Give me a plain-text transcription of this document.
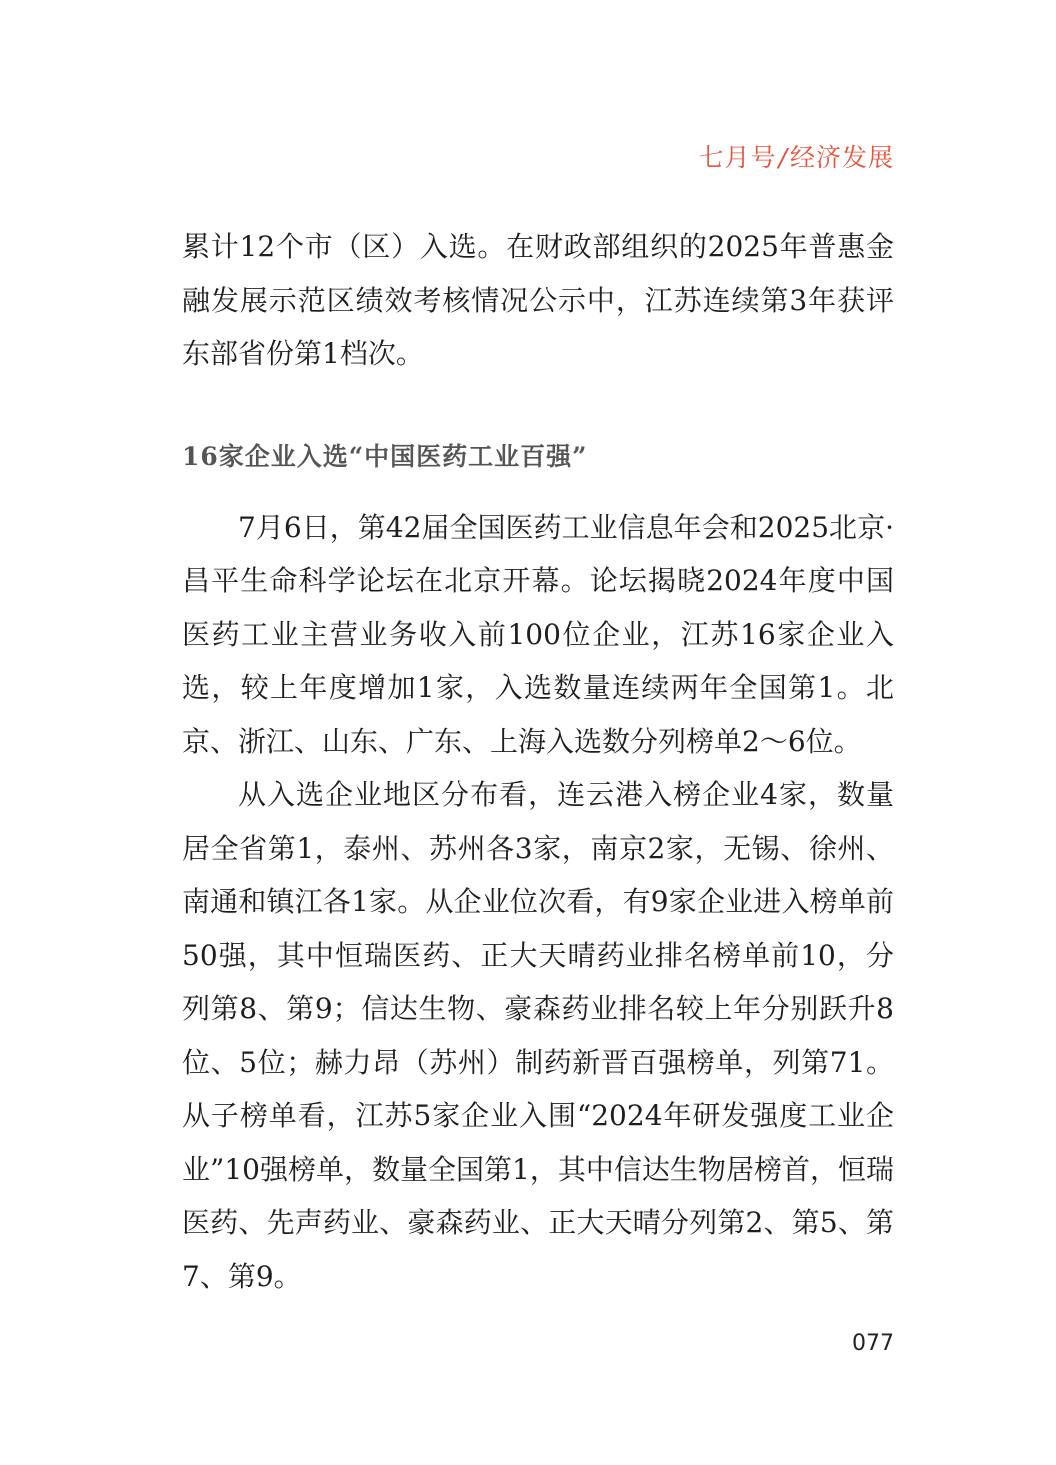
七月号/经济发展

累计12个市（区）入选。在财政部组织的2025年普惠金融发展示范区绩效考核情况公示中，江苏连续第3年获评东部省份第1档次。

16家企业入选“中国医药工业百强”

7月6日，第42届全国医药工业信息年会和2025北京·昌平生命科学论坛在北京开幕。论坛揭晓2024年度中国医药工业主营业务收入前100位企业，江苏16家企业入选，较上年度增加1家，入选数量连续两年全国第1。北京、浙江、山东、广东、上海入选数分列榜单2～6位。

从入选企业地区分布看，连云港入榜企业4家，数量居全省第1，泰州、苏州各3家，南京2家，无锡、徐州、南通和镇江各1家。从企业位次看，有9家企业进入榜单前50强，其中恒瑞医药、正大天晴药业排名榜单前10，分列第8、第9；信达生物、豪森药业排名较上年分别跃升8位、5位；赫力昂（苏州）制药新晋百强榜单，列第71。从子榜单看，江苏5家企业入围“2024年研发强度工业企业”10强榜单，数量全国第1，其中信达生物居榜首，恒瑞医药、先声药业、豪森药业、正大天晴分列第2、第5、第7、第9。

077
